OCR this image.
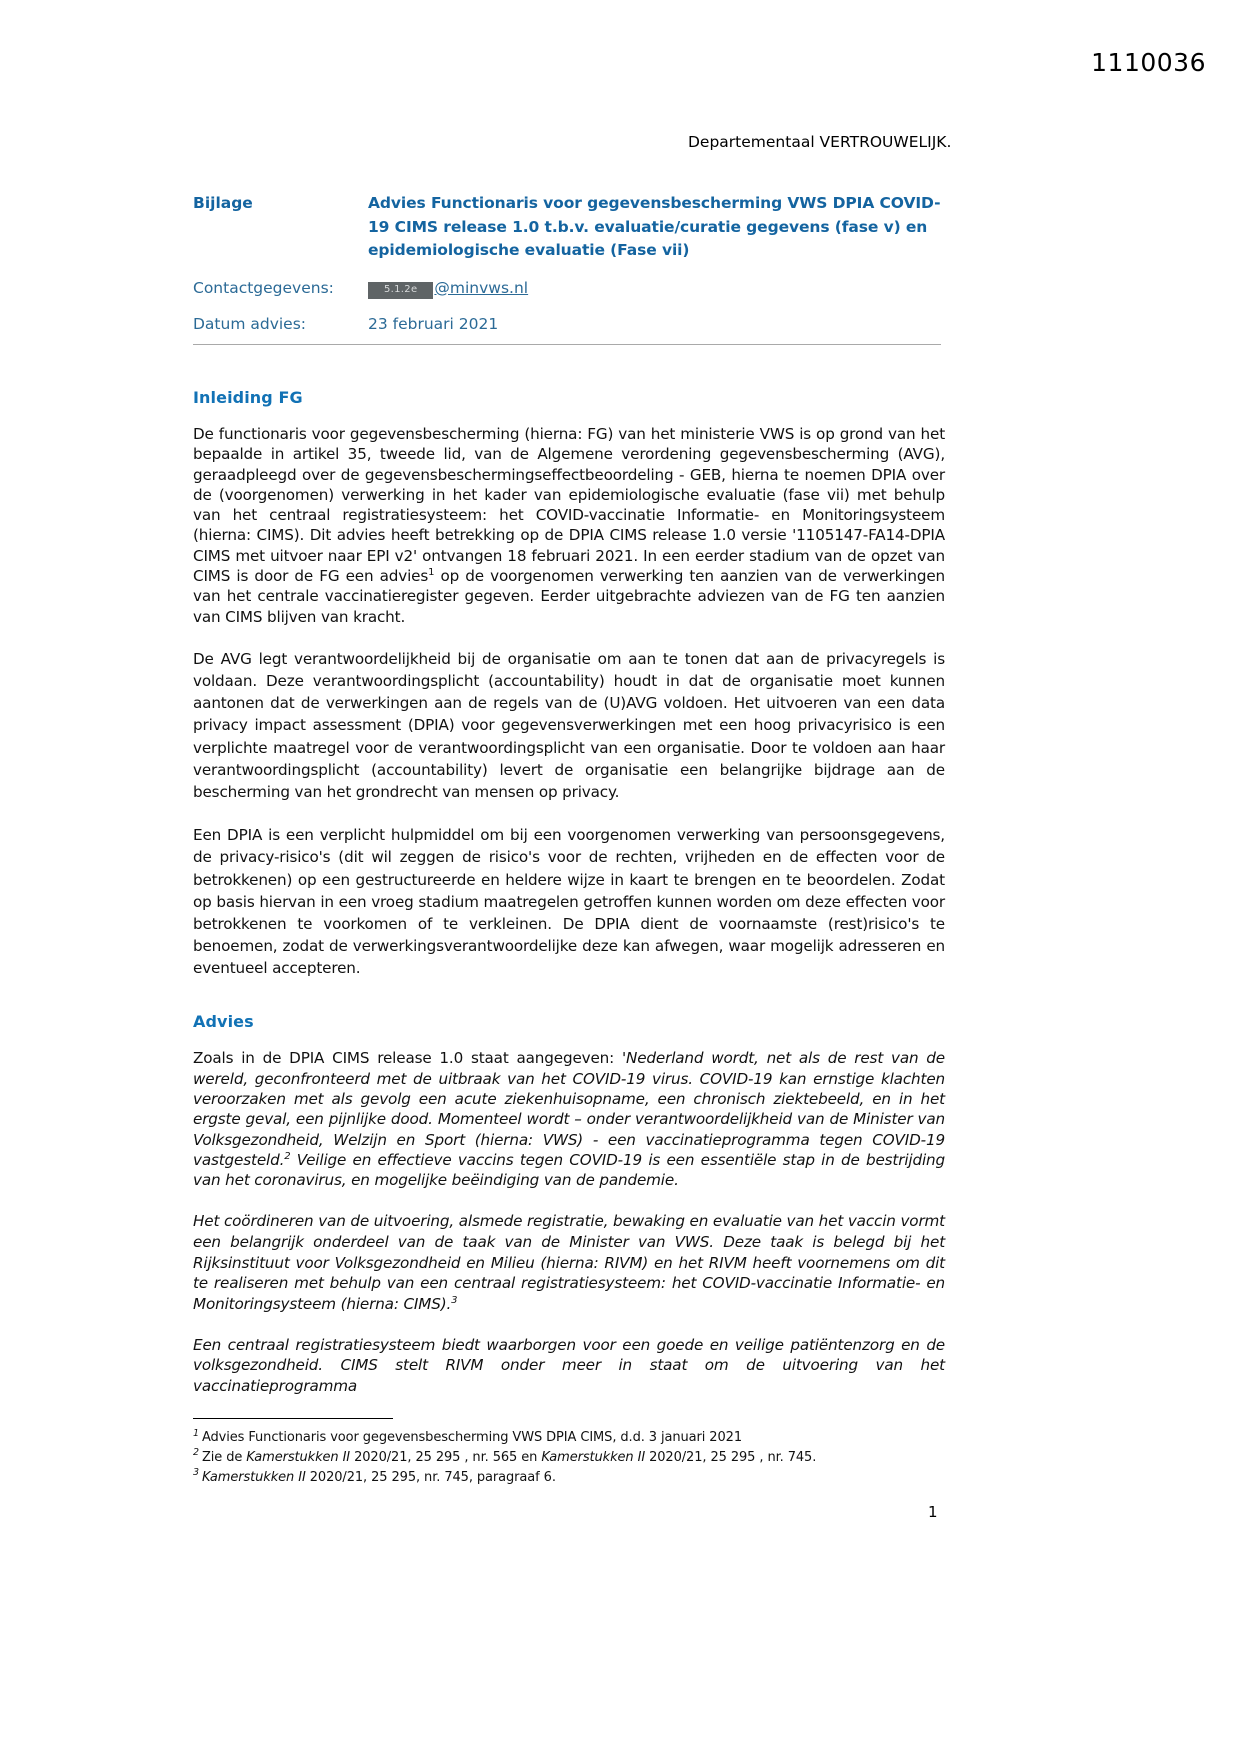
1110036
Departementaal VERTROUWELIJK.
Bijlage	Advies Functionaris voor gegevensbescherming VWS DPIA COVID-19 CIMS release 1.0 t.b.v. evaluatie/curatie gegevens (fase v) en epidemiologische evaluatie (Fase vii)
Contactgegevens:	5.1.2e @minvws.nl
Datum advies:	23 februari 2021
Inleiding FG

De functionaris voor gegevensbescherming (hierna: FG) van het ministerie VWS is op grond van het bepaalde in artikel 35, tweede lid, van de Algemene verordening gegevensbescherming (AVG), geraadpleegd over de gegevensbeschermingseffectbeoordeling - GEB, hierna te noemen DPIA over de (voorgenomen) verwerking in het kader van epidemiologische evaluatie (fase vii) met behulp van het centraal registratiesysteem: het COVID-vaccinatie Informatie- en Monitoringsysteem (hierna: CIMS). Dit advies heeft betrekking op de DPIA CIMS release 1.0 versie '1105147-FA14-DPIA CIMS met uitvoer naar EPI v2' ontvangen 18 februari 2021. In een eerder stadium van de opzet van CIMS is door de FG een advies$^1$ op de voorgenomen verwerking ten aanzien van de verwerkingen van het centrale vaccinatieregister gegeven. Eerder uitgebrachte adviezen van de FG ten aanzien van CIMS blijven van kracht.

De AVG legt verantwoordelijkheid bij de organisatie om aan te tonen dat aan de privacyregels is voldaan. Deze verantwoordingsplicht (accountability) houdt in dat de organisatie moet kunnen aantonen dat de verwerkingen aan de regels van de (U)AVG voldoen. Het uitvoeren van een data privacy impact assessment (DPIA) voor gegevensverwerkingen met een hoog privacyrisico is een verplichte maatregel voor de verantwoordingsplicht van een organisatie. Door te voldoen aan haar verantwoordingsplicht (accountability) levert de organisatie een belangrijke bijdrage aan de bescherming van het grondrecht van mensen op privacy.

Een DPIA is een verplicht hulpmiddel om bij een voorgenomen verwerking van persoonsgegevens, de privacy-risico's (dit wil zeggen de risico's voor de rechten, vrijheden en de effecten voor de betrokkenen) op een gestructureerde en heldere wijze in kaart te brengen en te beoordelen. Zodat op basis hiervan in een vroeg stadium maatregelen getroffen kunnen worden om deze effecten voor betrokkenen te voorkomen of te verkleinen. De DPIA dient de voornaamste (rest)risico's te benoemen, zodat de verwerkingsverantwoordelijke deze kan afwegen, waar mogelijk adresseren en eventueel accepteren.

Advies

Zoals in de DPIA CIMS release 1.0 staat aangegeven: 'Nederland wordt, net als de rest van de wereld, geconfronteerd met de uitbraak van het COVID-19 virus. COVID-19 kan ernstige klachten veroorzaken met als gevolg een acute ziekenhuisopname, een chronisch ziektebeeld, en in het ergste geval, een pijnlijke dood. Momenteel wordt – onder verantwoordelijkheid van de Minister van Volksgezondheid, Welzijn en Sport (hierna: VWS) - een vaccinatieprogramma tegen COVID-19 vastgesteld.$^2$ Veilige en effectieve vaccins tegen COVID-19 is een essentiële stap in de bestrijding van het coronavirus, en mogelijke beëindiging van de pandemie.

Het coördineren van de uitvoering, alsmede registratie, bewaking en evaluatie van het vaccin vormt een belangrijk onderdeel van de taak van de Minister van VWS. Deze taak is belegd bij het Rijksinstituut voor Volksgezondheid en Milieu (hierna: RIVM) en het RIVM heeft voornemens om dit te realiseren met behulp van een centraal registratiesysteem: het COVID-vaccinatie Informatie- en Monitoringsysteem (hierna: CIMS).$^3$

Een centraal registratiesysteem biedt waarborgen voor een goede en veilige patiëntenzorg en de volksgezondheid. CIMS stelt RIVM onder meer in staat om de uitvoering van het vaccinatieprogramma

$^1$ Advies Functionaris voor gegevensbescherming VWS DPIA CIMS, d.d. 3 januari 2021
$^2$ Zie de Kamerstukken II 2020/21, 25 295 , nr. 565 en Kamerstukken II 2020/21, 25 295 , nr. 745.
$^3$ Kamerstukken II 2020/21, 25 295, nr. 745, paragraaf 6.
1
